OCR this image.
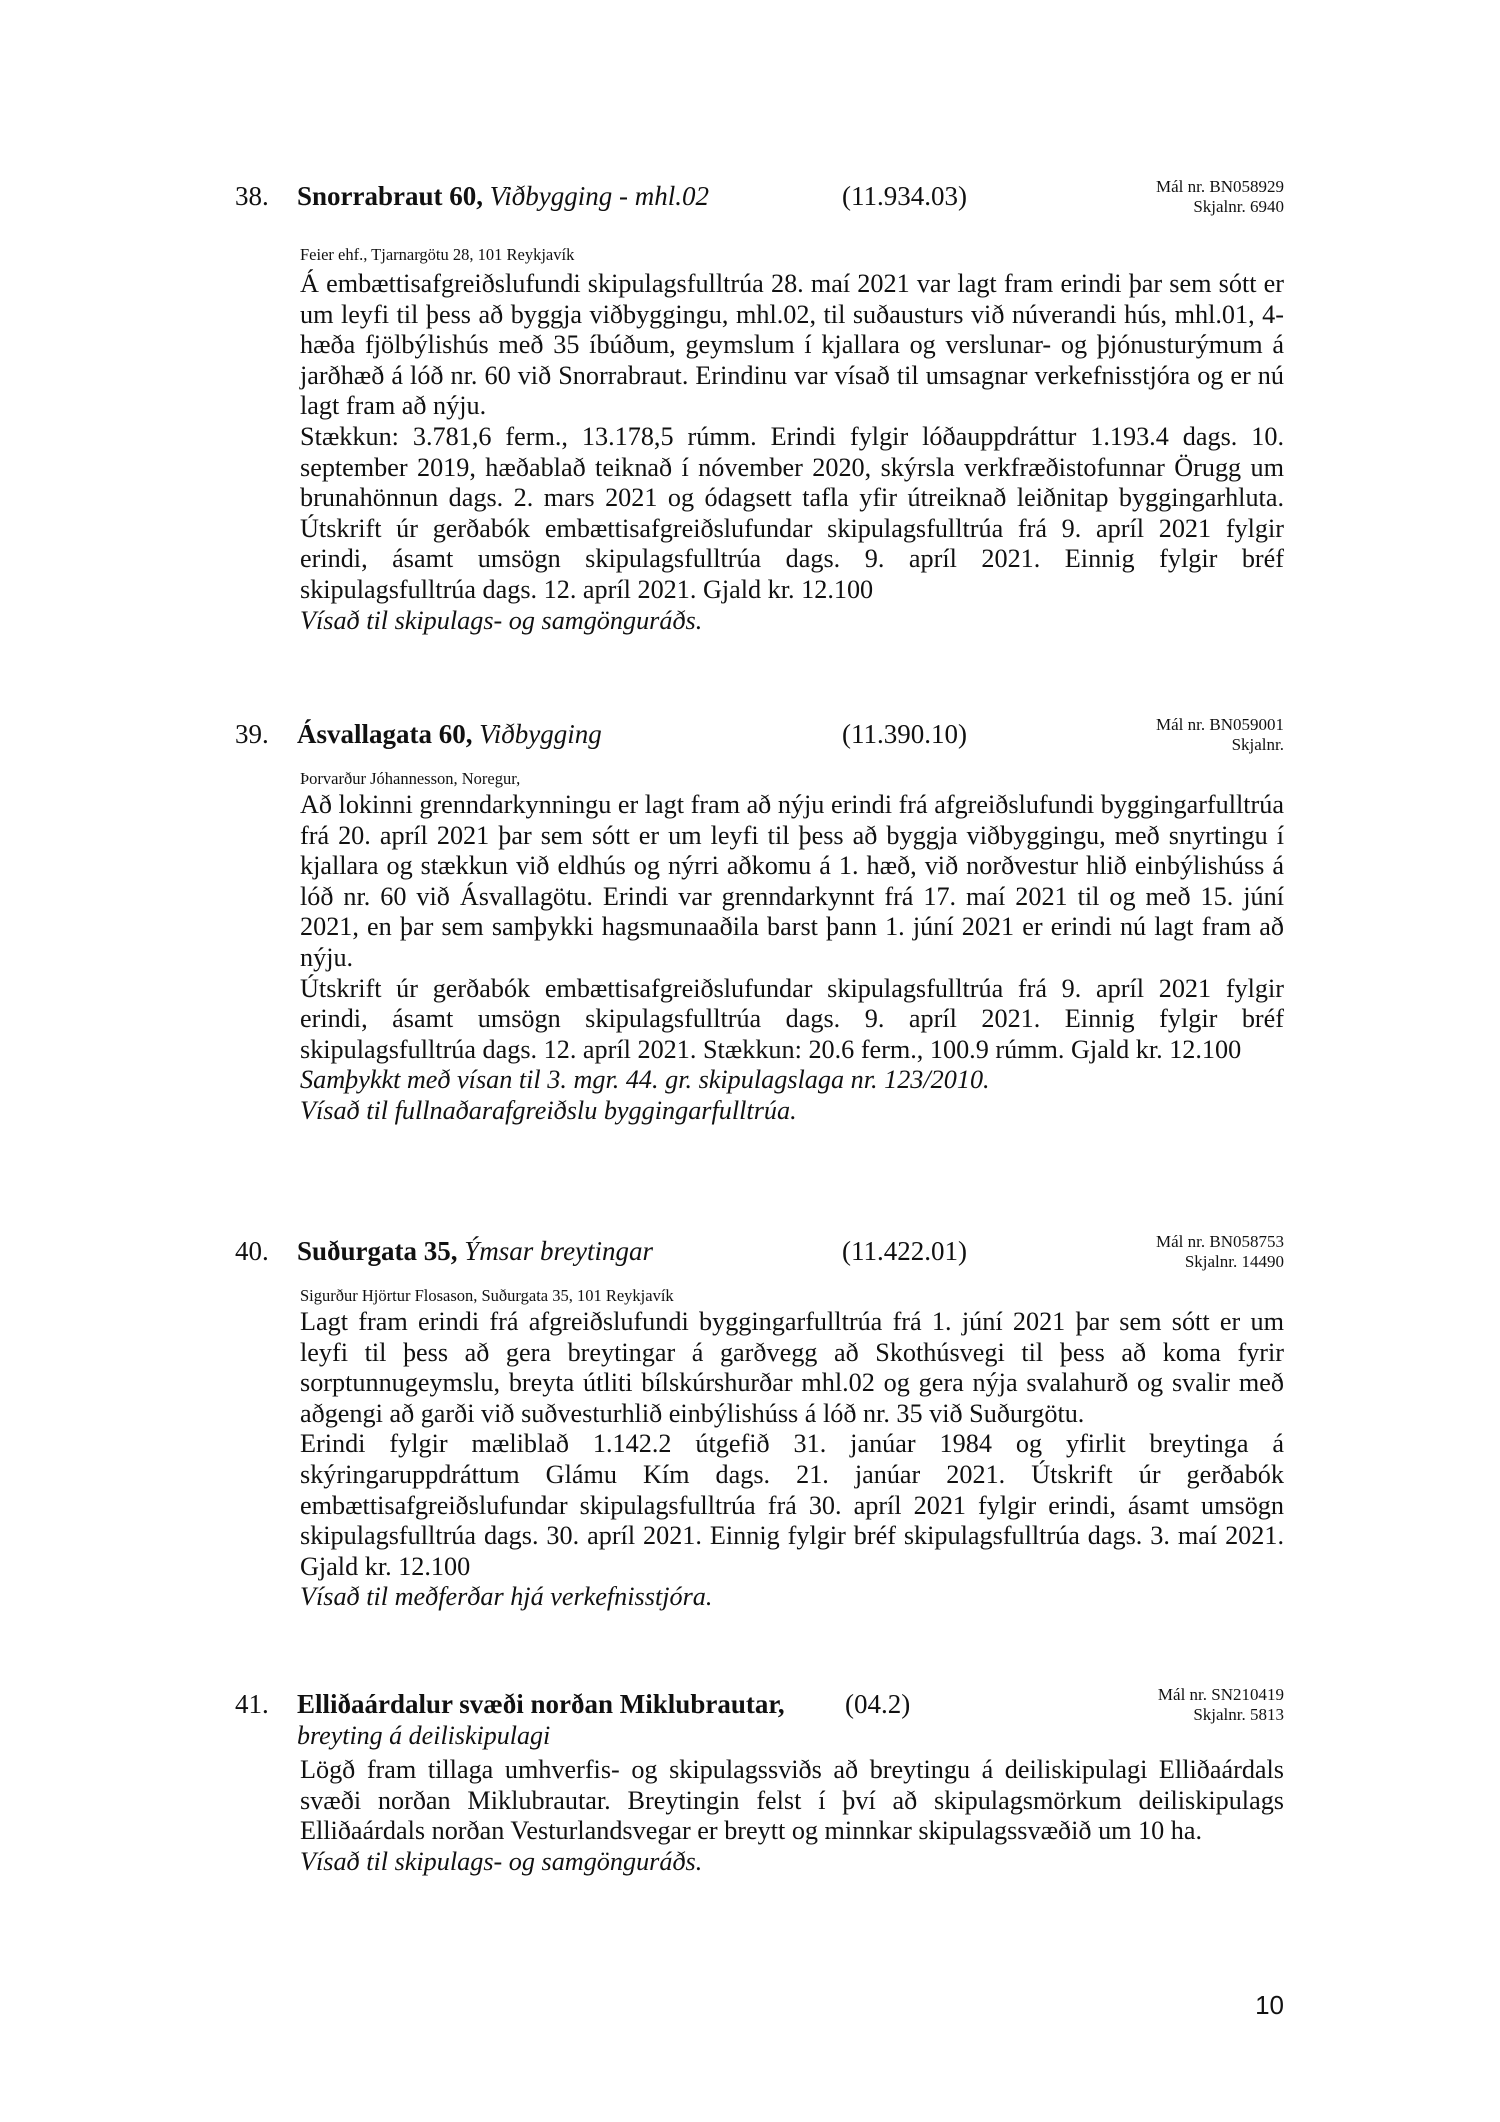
38. Snorrabraut 60, Viðbygging - mhl.02	(11.934.03)	Mál nr. BN058929
Skjalnr. 6940
Feier ehf., Tjarnargötu 28, 101 Reykjavík

Á embættisafgreiðslufundi skipulagsfulltrúa 28. maí 2021 var lagt fram erindi þar sem sótt er um leyfi til þess að byggja viðbyggingu, mhl.02, til suðausturs við núverandi hús, mhl.01, 4-hæða fjölbýlishús með 35 íbúðum, geymslum í kjallara og verslunar- og þjónusturýmum á jarðhæð á lóð nr. 60 við Snorrabraut. Erindinu var vísað til umsagnar verkefnisstjóra og er nú lagt fram að nýju.

Stækkun: 3.781,6 ferm., 13.178,5 rúmm. Erindi fylgir lóðauppdráttur 1.193.4 dags. 10. september 2019, hæðablað teiknað í nóvember 2020, skýrsla verkfræðistofunnar Örugg um brunahönnun dags. 2. mars 2021 og ódagsett tafla yfir útreiknað leiðnitap byggingarhluta. Útskrift úr gerðabók embættisafgreiðslufundar skipulagsfulltrúa frá 9. apríl 2021 fylgir erindi, ásamt umsögn skipulagsfulltrúa dags. 9. apríl 2021. Einnig fylgir bréf skipulagsfulltrúa dags. 12. apríl 2021. Gjald kr. 12.100

Vísað til skipulags- og samgönguráðs.

39. Ásvallagata 60, Viðbygging	(11.390.10)	Mál nr. BN059001
Skjalnr.
Þorvarður Jóhannesson, Noregur,

Að lokinni grenndarkynningu er lagt fram að nýju erindi frá afgreiðslufundi byggingarfulltrúa frá 20. apríl 2021 þar sem sótt er um leyfi til þess að byggja viðbyggingu, með snyrtingu í kjallara og stækkun við eldhús og nýrri aðkomu á 1. hæð, við norðvestur hlið einbýlishúss á lóð nr. 60 við Ásvallagötu. Erindi var grenndarkynnt frá 17. maí 2021 til og með 15. júní 2021, en þar sem samþykki hagsmunaaðila barst þann 1. júní 2021 er erindi nú lagt fram að nýju.

Útskrift úr gerðabók embættisafgreiðslufundar skipulagsfulltrúa frá 9. apríl 2021 fylgir erindi, ásamt umsögn skipulagsfulltrúa dags. 9. apríl 2021. Einnig fylgir bréf skipulagsfulltrúa dags. 12. apríl 2021. Stækkun: 20.6 ferm., 100.9 rúmm. Gjald kr. 12.100

Samþykkt með vísan til 3. mgr. 44. gr. skipulagslaga nr. 123/2010.

Vísað til fullnaðarafgreiðslu byggingarfulltrúa.

40. Suðurgata 35, Ýmsar breytingar	(11.422.01)	Mál nr. BN058753
Skjalnr. 14490
Sigurður Hjörtur Flosason, Suðurgata 35, 101 Reykjavík

Lagt fram erindi frá afgreiðslufundi byggingarfulltrúa frá 1. júní 2021 þar sem sótt er um leyfi til þess að gera breytingar á garðvegg að Skothúsvegi til þess að koma fyrir sorptunnugeymslu, breyta útliti bílskúrshurðar mhl.02 og gera nýja svalahurð og svalir með aðgengi að garði við suðvesturhlið einbýlishúss á lóð nr. 35 við Suðurgötu.

Erindi fylgir mæliblað 1.142.2 útgefið 31. janúar 1984 og yfirlit breytinga á skýringaruppdráttum Glámu Kím dags. 21. janúar 2021. Útskrift úr gerðabók embættisafgreiðslufundar skipulagsfulltrúa frá 30. apríl 2021 fylgir erindi, ásamt umsögn skipulagsfulltrúa dags. 30. apríl 2021. Einnig fylgir bréf skipulagsfulltrúa dags. 3. maí 2021. Gjald kr. 12.100

Vísað til meðferðar hjá verkefnisstjóra.

41. Elliðaárdalur svæði norðan Miklubrautar,
breyting á deiliskipulagi
(04.2)	Mál nr. SN210419
Skjalnr. 5813

Lögð fram tillaga umhverfis- og skipulagssviðs að breytingu á deiliskipulagi Elliðaárdals svæði norðan Miklubrautar. Breytingin felst í því að skipulagsmörkum deiliskipulags Elliðaárdals norðan Vesturlandsvegar er breytt og minnkar skipulagssvæðið um 10 ha.

Vísað til skipulags- og samgönguráðs.

10
